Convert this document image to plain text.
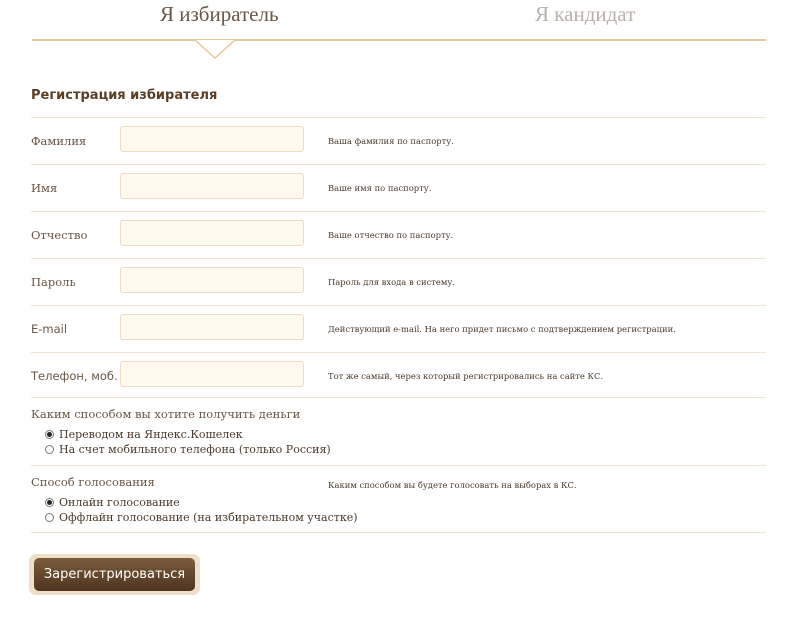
Я избиратель	Я кандидат
Регистрация избирателя
Фамилия	Ваша фамилия по паспорту.
Имя	Ваше имя по паспорту.
Отчество	Ваше отчество по паспорту.
Пароль	Пароль для входа в систему.
E-mail	Действующий e-mail. На него придет письмо с подтверждением регистрации.
Телефон, моб.	Тот же самый, через который регистрировались на сайте КС.
Каким способом вы хотите получить деньги
Переводом на Яндекс.Кошелек
На счет мобильного телефона (только Россия)
Способ голосования	Каким способом вы будете голосовать на выборах в КС.
Онлайн голосование
Оффлайн голосование (на избирательном участке)
Зарегистрироваться
